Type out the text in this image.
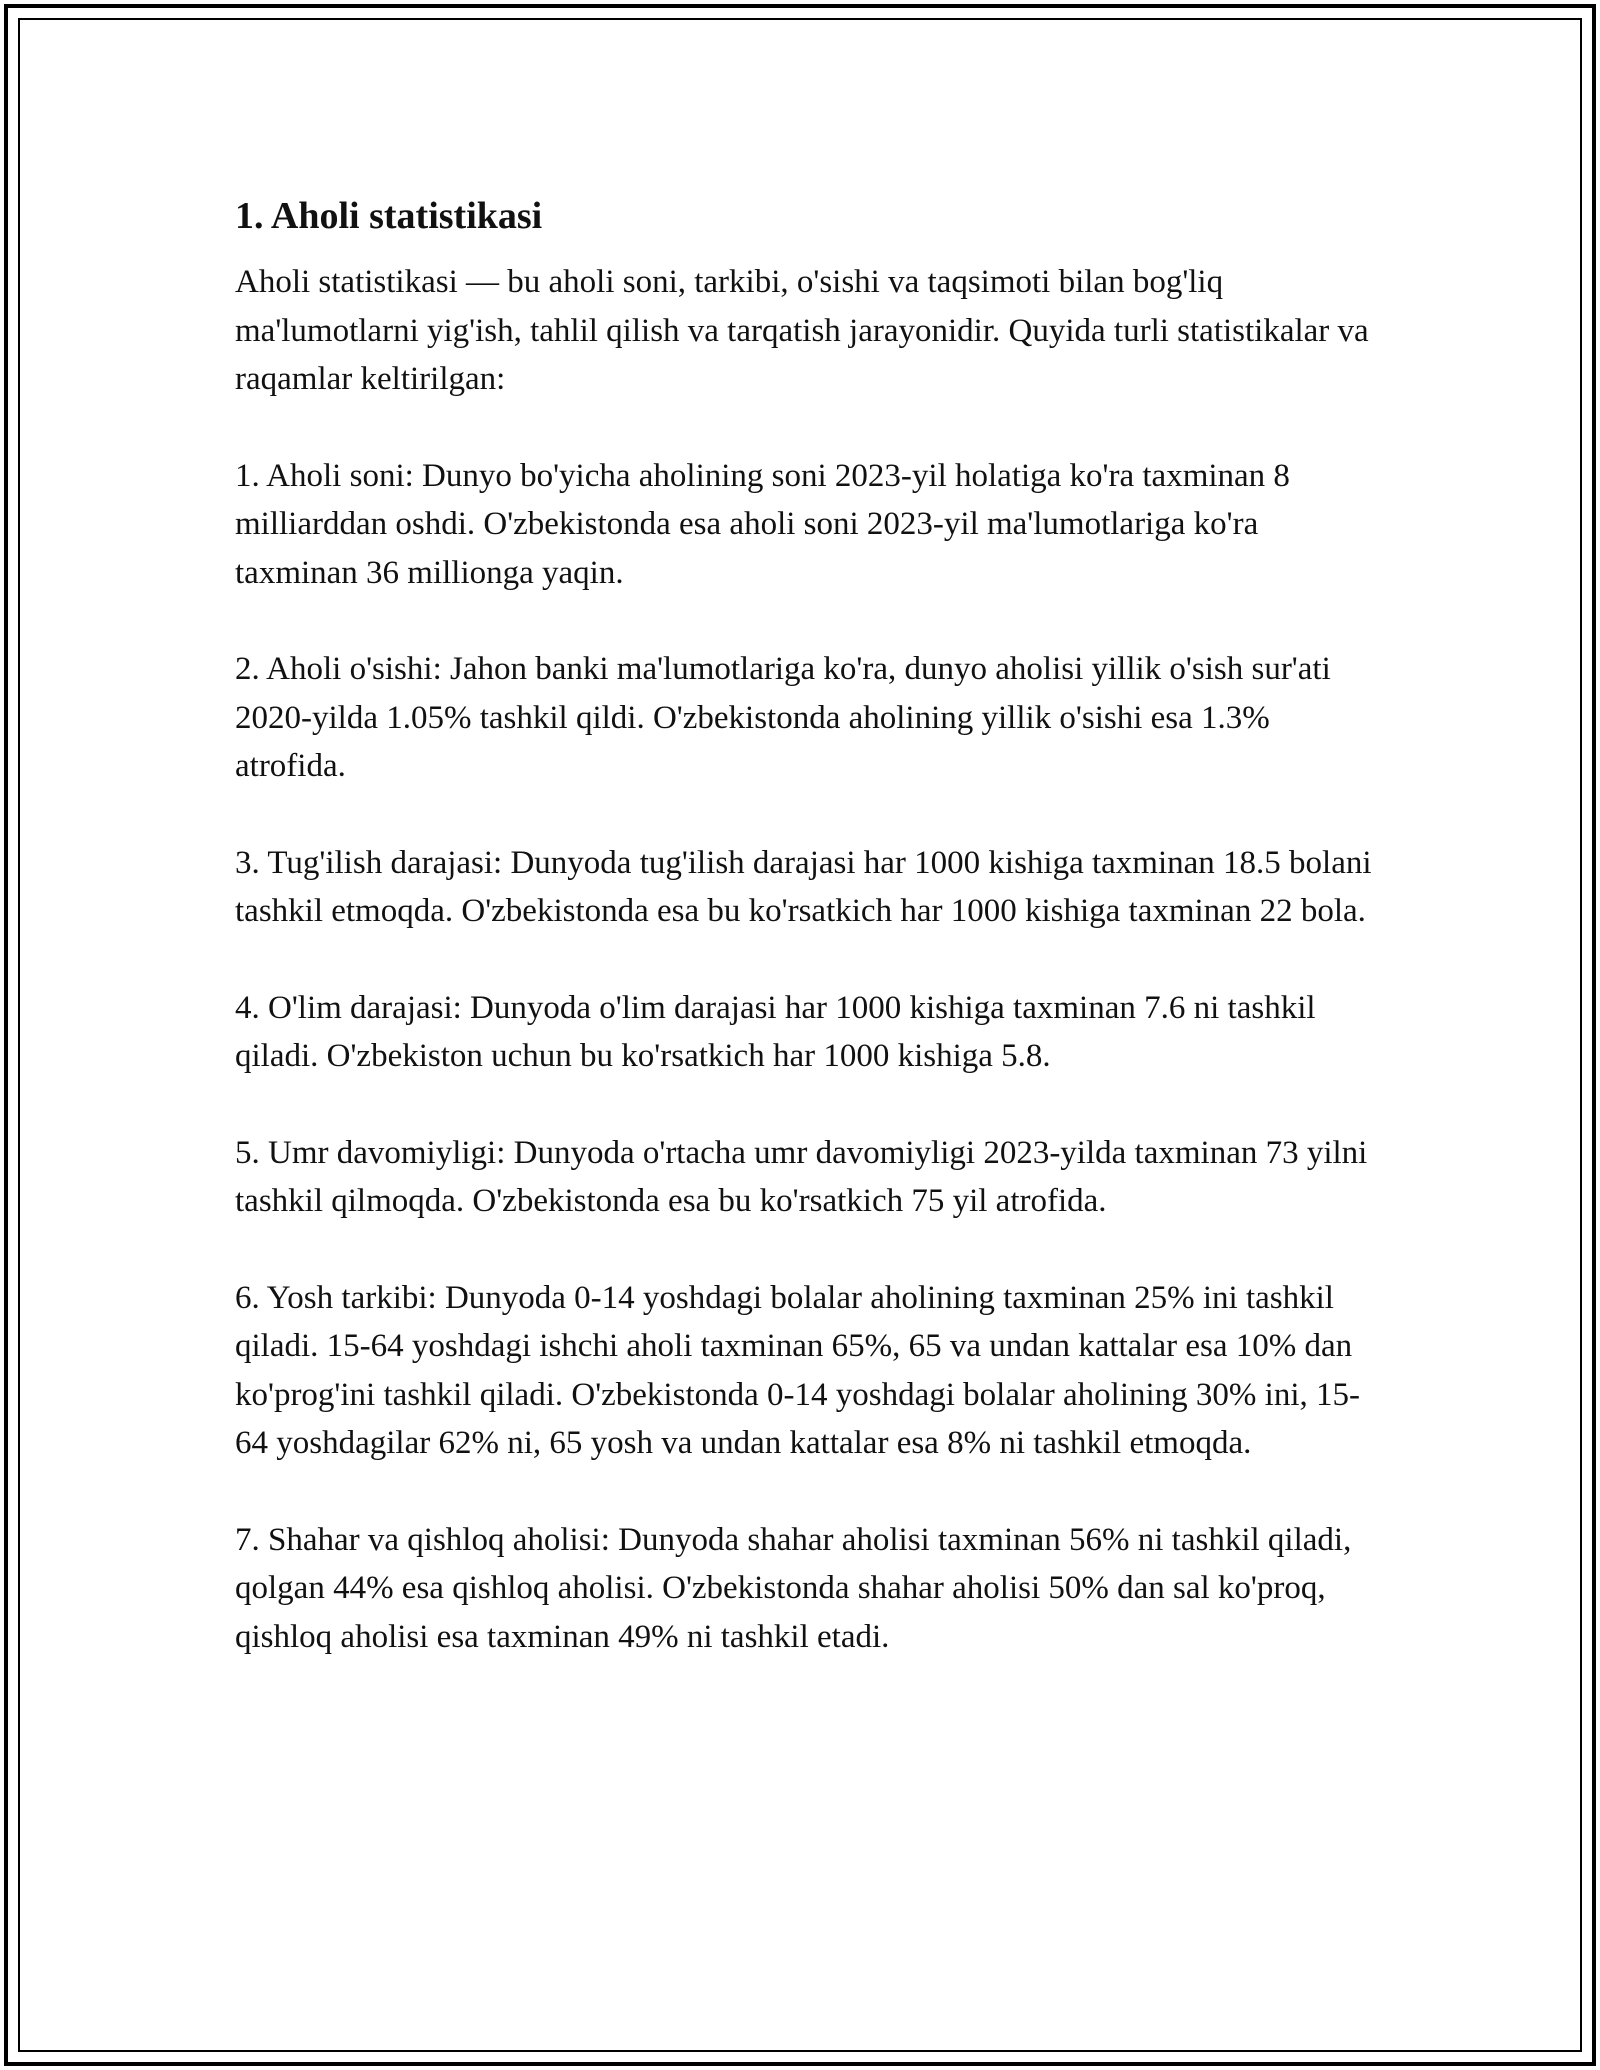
1. Aholi statistikasi

Aholi statistikasi — bu aholi soni, tarkibi, o'sishi va taqsimoti bilan bog'liq ma'lumotlarni yig'ish, tahlil qilish va tarqatish jarayonidir. Quyida turli statistikalar va raqamlar keltirilgan:

1. Aholi soni: Dunyo bo'yicha aholining soni 2023-yil holatiga ko'ra taxminan 8 milliarddan oshdi. O'zbekistonda esa aholi soni 2023-yil ma'lumotlariga ko'ra taxminan 36 millionga yaqin.

2. Aholi o'sishi: Jahon banki ma'lumotlariga ko'ra, dunyo aholisi yillik o'sish sur'ati 2020-yilda 1.05% tashkil qildi. O'zbekistonda aholining yillik o'sishi esa 1.3% atrofida.

3. Tug'ilish darajasi: Dunyoda tug'ilish darajasi har 1000 kishiga taxminan 18.5 bolani tashkil etmoqda. O'zbekistonda esa bu ko'rsatkich har 1000 kishiga taxminan 22 bola.

4. O'lim darajasi: Dunyoda o'lim darajasi har 1000 kishiga taxminan 7.6 ni tashkil qiladi. O'zbekiston uchun bu ko'rsatkich har 1000 kishiga 5.8.

5. Umr davomiyligi: Dunyoda o'rtacha umr davomiyligi 2023-yilda taxminan 73 yilni tashkil qilmoqda. O'zbekistonda esa bu ko'rsatkich 75 yil atrofida.

6. Yosh tarkibi: Dunyoda 0-14 yoshdagi bolalar aholining taxminan 25% ini tashkil qiladi. 15-64 yoshdagi ishchi aholi taxminan 65%, 65 va undan kattalar esa 10% dan ko'prog'ini tashkil qiladi. O'zbekistonda 0-14 yoshdagi bolalar aholining 30% ini, 15-64 yoshdagilar 62% ni, 65 yosh va undan kattalar esa 8% ni tashkil etmoqda.

7. Shahar va qishloq aholisi: Dunyoda shahar aholisi taxminan 56% ni tashkil qiladi, qolgan 44% esa qishloq aholisi. O'zbekistonda shahar aholisi 50% dan sal ko'proq, qishloq aholisi esa taxminan 49% ni tashkil etadi.
